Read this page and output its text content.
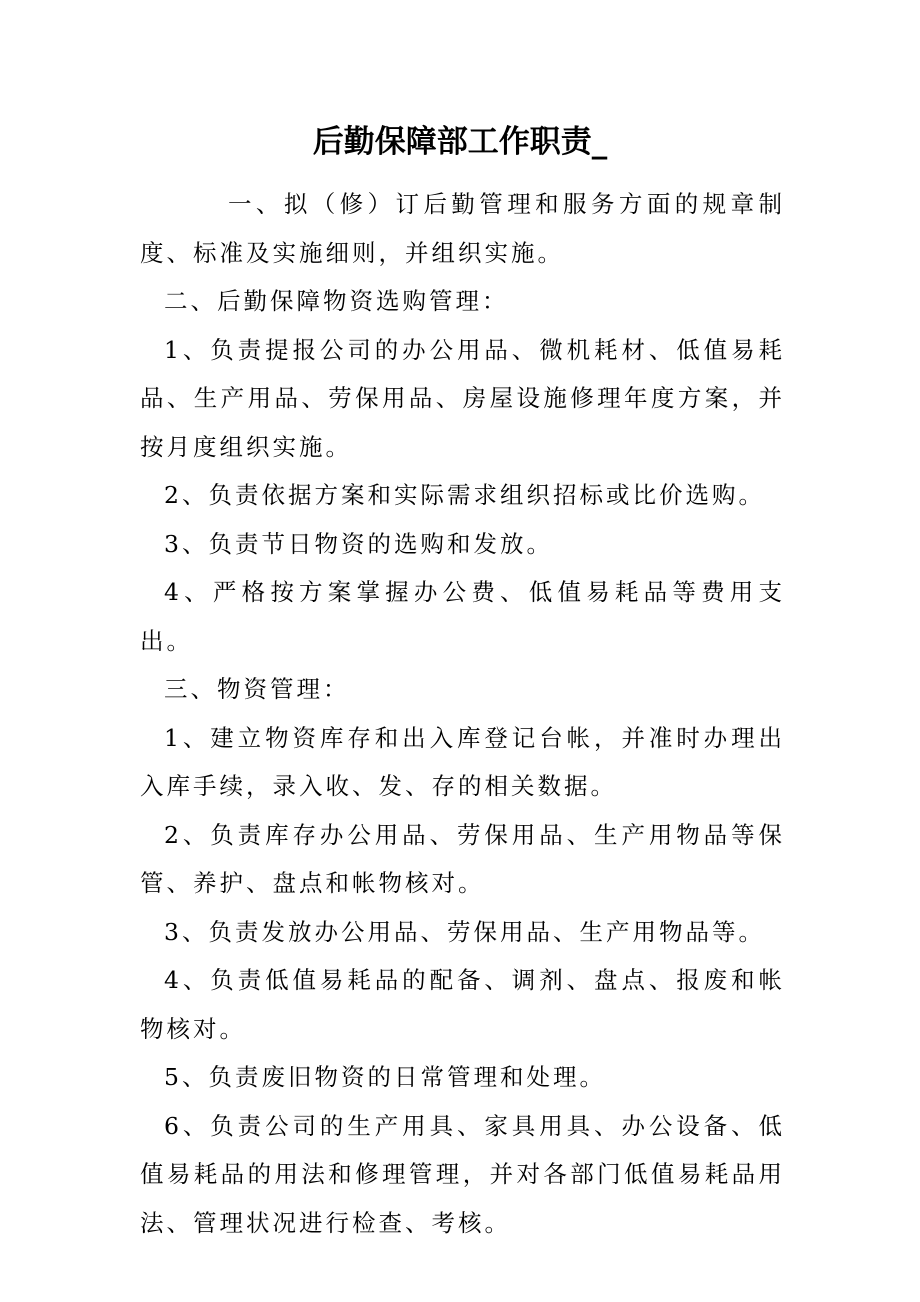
后勤保障部工作职责_

一、拟（修）订后勤管理和服务方面的规章制度、标准及实施细则，并组织实施。

二、后勤保障物资选购管理：

1、负责提报公司的办公用品、微机耗材、低值易耗品、生产用品、劳保用品、房屋设施修理年度方案，并按月度组织实施。

2、负责依据方案和实际需求组织招标或比价选购。

3、负责节日物资的选购和发放。

4、严格按方案掌握办公费、低值易耗品等费用支出。

三、物资管理：

1、建立物资库存和出入库登记台帐，并准时办理出入库手续，录入收、发、存的相关数据。

2、负责库存办公用品、劳保用品、生产用物品等保管、养护、盘点和帐物核对。

3、负责发放办公用品、劳保用品、生产用物品等。

4、负责低值易耗品的配备、调剂、盘点、报废和帐物核对。

5、负责废旧物资的日常管理和处理。

6、负责公司的生产用具、家具用具、办公设备、低值易耗品的用法和修理管理，并对各部门低值易耗品用法、管理状况进行检查、考核。
